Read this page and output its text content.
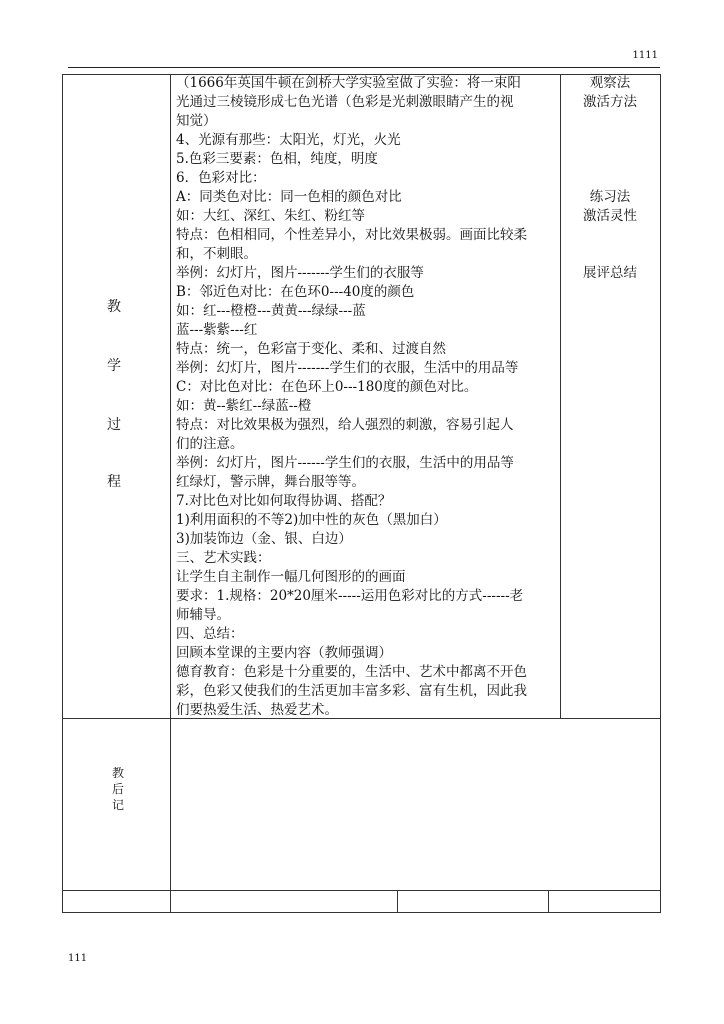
1111
教
学
过
程
（1666年英国牛顿在剑桥大学实验室做了实验：将一束阳
光通过三棱镜形成七色光谱（色彩是光刺激眼睛产生的视
知觉）
4、光源有那些：太阳光，灯光，火光
5.色彩三要素：色相，纯度，明度
6．色彩对比：
A：同类色对比：同一色相的颜色对比
如：大红、深红、朱红、粉红等
特点：色相相同，个性差异小，对比效果极弱。画面比较柔
和，不刺眼。
举例：幻灯片，图片-------学生们的衣服等
B：邻近色对比：在色环0---40度的颜色
如：红---橙橙---黄黄---绿绿---蓝
蓝---紫紫---红
特点：统一，色彩富于变化、柔和、过渡自然
举例：幻灯片，图片-------学生们的衣服，生活中的用品等
C：对比色对比：在色环上0---180度的颜色对比。
如：黄--紫红--绿蓝--橙
特点：对比效果极为强烈，给人强烈的刺激，容易引起人
们的注意。
举例：幻灯片，图片------学生们的衣服，生活中的用品等
红绿灯，警示牌，舞台服等等。
7.对比色对比如何取得协调、搭配？
1)利用面积的不等2)加中性的灰色（黑加白）
3)加装饰边（金、银、白边）
三、艺术实践：
让学生自主制作一幅几何图形的的画面
要求：1.规格：20*20厘米-----运用色彩对比的方式------老
师辅导。
四、总结：
回顾本堂课的主要内容（教师强调）
德育教育：色彩是十分重要的，生活中、艺术中都离不开色
彩，色彩又使我们的生活更加丰富多彩、富有生机，因此我
们要热爱生活、热爱艺术。
观察法
激活方法
练习法
激活灵性
展评总结
教
后
记
111
